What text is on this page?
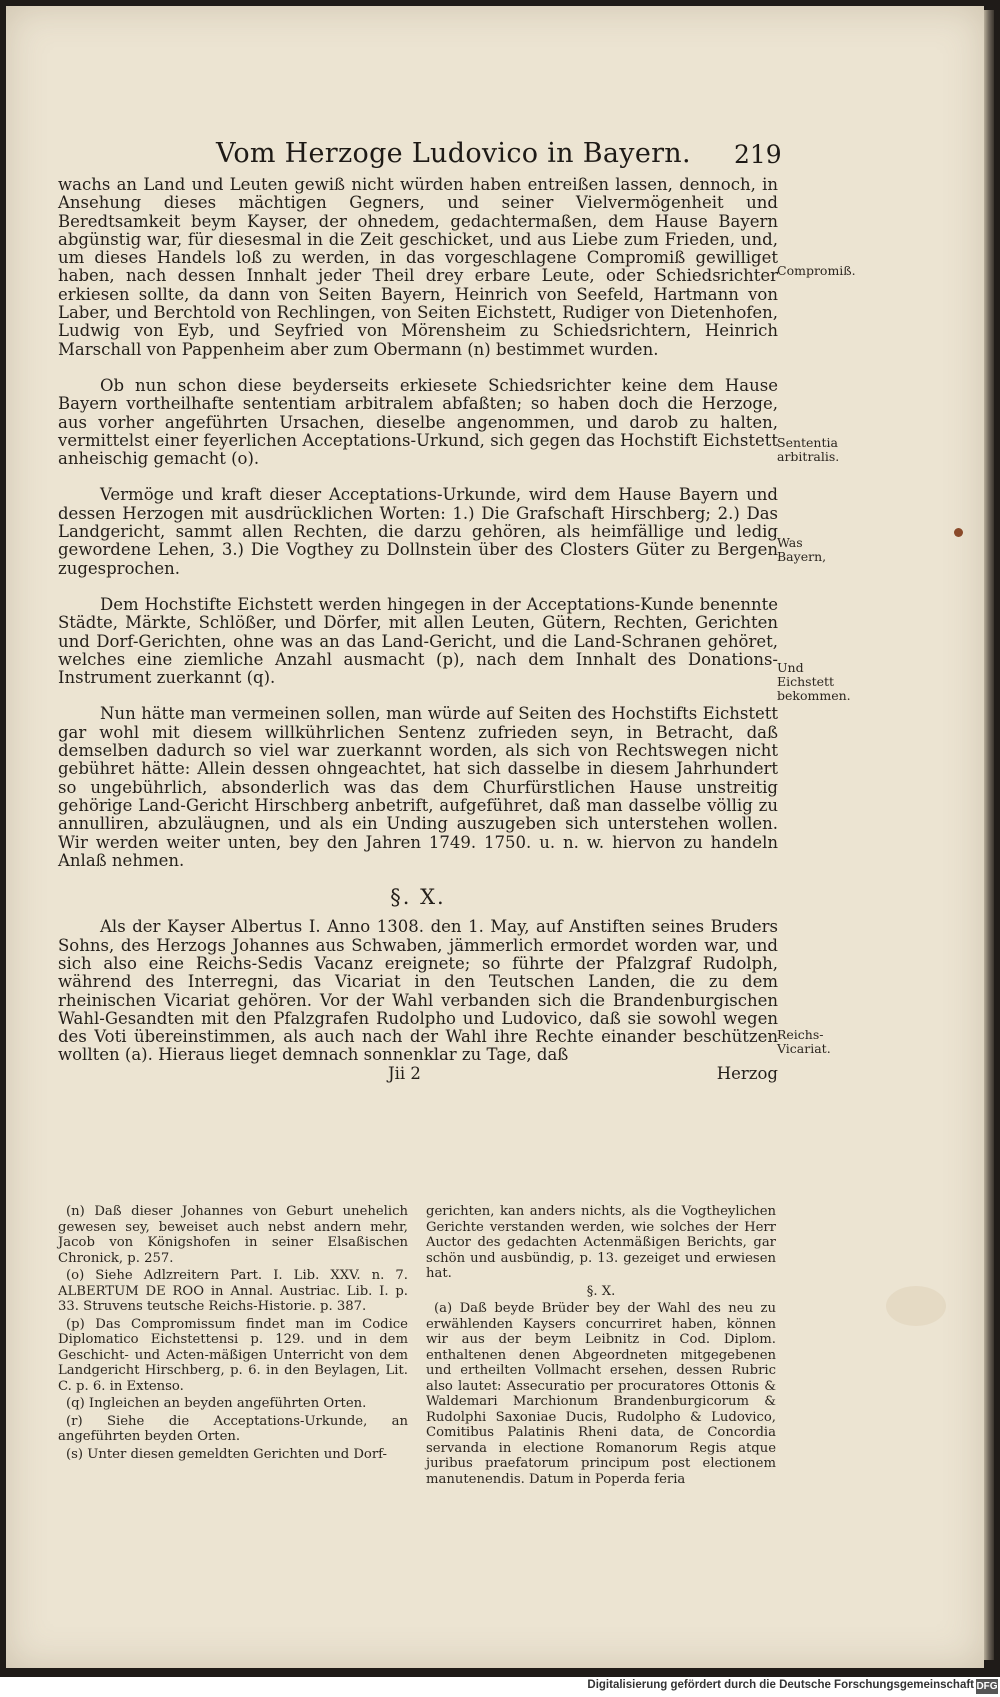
Vom Herzoge Ludovico in Bayern. 219

wachs an Land und Leuten gewiß nicht würden haben entreißen lassen, dennoch, in Ansehung dieses mächtigen Gegners, und seiner Vielvermögenheit und Beredtsamkeit beym Kayser, der ohnedem, gedachtermaßen, dem Hause Bayern abgünstig war, für diesesmal in die Zeit geschicket, und aus Liebe zum Frieden, und, um dieses Handels loß zu werden, in das vorgeschlagene Compromiß gewilliget haben, nach dessen Innhalt jeder Theil drey erbare Leute, oder Schiedsrichter erkiesen sollte, da dann von Seiten Bayern, Heinrich von Seefeld, Hartmann von Laber, und Berchtold von Rechlingen, von Seiten Eichstett, Rudiger von Dietenhofen, Ludwig von Eyb, und Seyfried von Mörensheim zu Schiedsrichtern, Heinrich Marschall von Pappenheim aber zum Obermann (n) bestimmet wurden.

Ob nun schon diese beyderseits erkiesete Schiedsrichter keine dem Hause Bayern vortheilhafte sententiam arbitralem abfaßten; so haben doch die Herzoge, aus vorher angeführten Ursachen, dieselbe angenommen, und darob zu halten, vermittelst einer feyerlichen Acceptations-Urkund, sich gegen das Hochstift Eichstett anheischig gemacht (o).

Vermöge und kraft dieser Acceptations-Urkunde, wird dem Hause Bayern und dessen Herzogen mit ausdrücklichen Worten: 1.) Die Grafschaft Hirschberg; 2.) Das Landgericht, sammt allen Rechten, die darzu gehören, als heimfällige und ledig gewordene Lehen, 3.) Die Vogthey zu Dollnstein über des Closters Güter zu Bergen zugesprochen.

Dem Hochstifte Eichstett werden hingegen in der Acceptations-Kunde benennte Städte, Märkte, Schlößer, und Dörfer, mit allen Leuten, Gütern, Rechten, Gerichten und Dorf-Gerichten, ohne was an das Land-Gericht, und die Land-Schranen gehöret, welches eine ziemliche Anzahl ausmacht (p), nach dem Innhalt des Donations-Instrument zuerkannt (q).

Nun hätte man vermeinen sollen, man würde auf Seiten des Hochstifts Eichstett gar wohl mit diesem willkührlichen Sentenz zufrieden seyn, in Betracht, daß demselben dadurch so viel war zuerkannt worden, als sich von Rechtswegen nicht gebühret hätte: Allein dessen ohngeachtet, hat sich dasselbe in diesem Jahrhundert so ungebührlich, absonderlich was das dem Churfürstlichen Hause unstreitig gehörige Land-Gericht Hirschberg anbetrift, aufgeführet, daß man dasselbe völlig zu annulliren, abzuläugnen, und als ein Unding auszugeben sich unterstehen wollen. Wir werden weiter unten, bey den Jahren 1749. 1750. u. n. w. hiervon zu handeln Anlaß nehmen.

§. X.

Als der Kayser Albertus I. Anno 1308. den 1. May, auf Anstiften seines Bruders Sohns, des Herzogs Johannes aus Schwaben, jämmerlich ermordet worden war, und sich also eine Reichs-Sedis Vacanz ereignete; so führte der Pfalzgraf Rudolph, während des Interregni, das Vicariat in den Teutschen Landen, die zu dem rheinischen Vicariat gehören. Vor der Wahl verbanden sich die Brandenburgischen Wahl-Gesandten mit den Pfalzgrafen Rudolpho und Ludovico, daß sie sowohl wegen des Voti übereinstimmen, als auch nach der Wahl ihre Rechte einander beschützen wollten (a). Hieraus lieget demnach sonnenklar zu Tage, daß

Jii 2	Herzog
Compromiß.
Sententia arbitralis.
Was Bayern,
Und Eichstett bekommen.
Reichs-Vicariat.

(n) Daß dieser Johannes von Geburt unehelich gewesen sey, beweiset auch nebst andern mehr, Jacob von Königshofen in seiner Elsaßischen Chronick, p. 257.

(o) Siehe Adlzreitern Part. I. Lib. XXV. n. 7. ALBERTUM DE ROO in Annal. Austriac. Lib. I. p. 33. Struvens teutsche Reichs-Historie. p. 387.

(p) Das Compromissum findet man im Codice Diplomatico Eichstettensi p. 129. und in dem Geschicht- und Acten-mäßigen Unterricht von dem Landgericht Hirschberg, p. 6. in den Beylagen, Lit. C. p. 6. in Extenso.

(q) Ingleichen an beyden angeführten Orten.

(r) Siehe die Acceptations-Urkunde, an angeführten beyden Orten.

(s) Unter diesen gemeldten Gerichten und Dorf-

gerichten, kan anders nichts, als die Vogtheylichen Gerichte verstanden werden, wie solches der Herr Auctor des gedachten Actenmäßigen Berichts, gar schön und ausbündig, p. 13. gezeiget und erwiesen hat.

§. X.

(a) Daß beyde Brüder bey der Wahl des neu zu erwählenden Kaysers concurriret haben, können wir aus der beym Leibnitz in Cod. Diplom. enthaltenen denen Abgeordneten mitgegebenen und ertheilten Vollmacht ersehen, dessen Rubric also lautet: Assecuratio per procuratores Ottonis & Waldemari Marchionum Brandenburgicorum & Rudolphi Saxoniae Ducis, Rudolpho & Ludovico, Comitibus Palatinis Rheni data, de Concordia servanda in electione Romanorum Regis atque juribus praefatorum principum post electionem manutenendis. Datum in Poperda feria

Digitalisierung gefördert durch die Deutsche Forschungsgemeinschaft DFG
